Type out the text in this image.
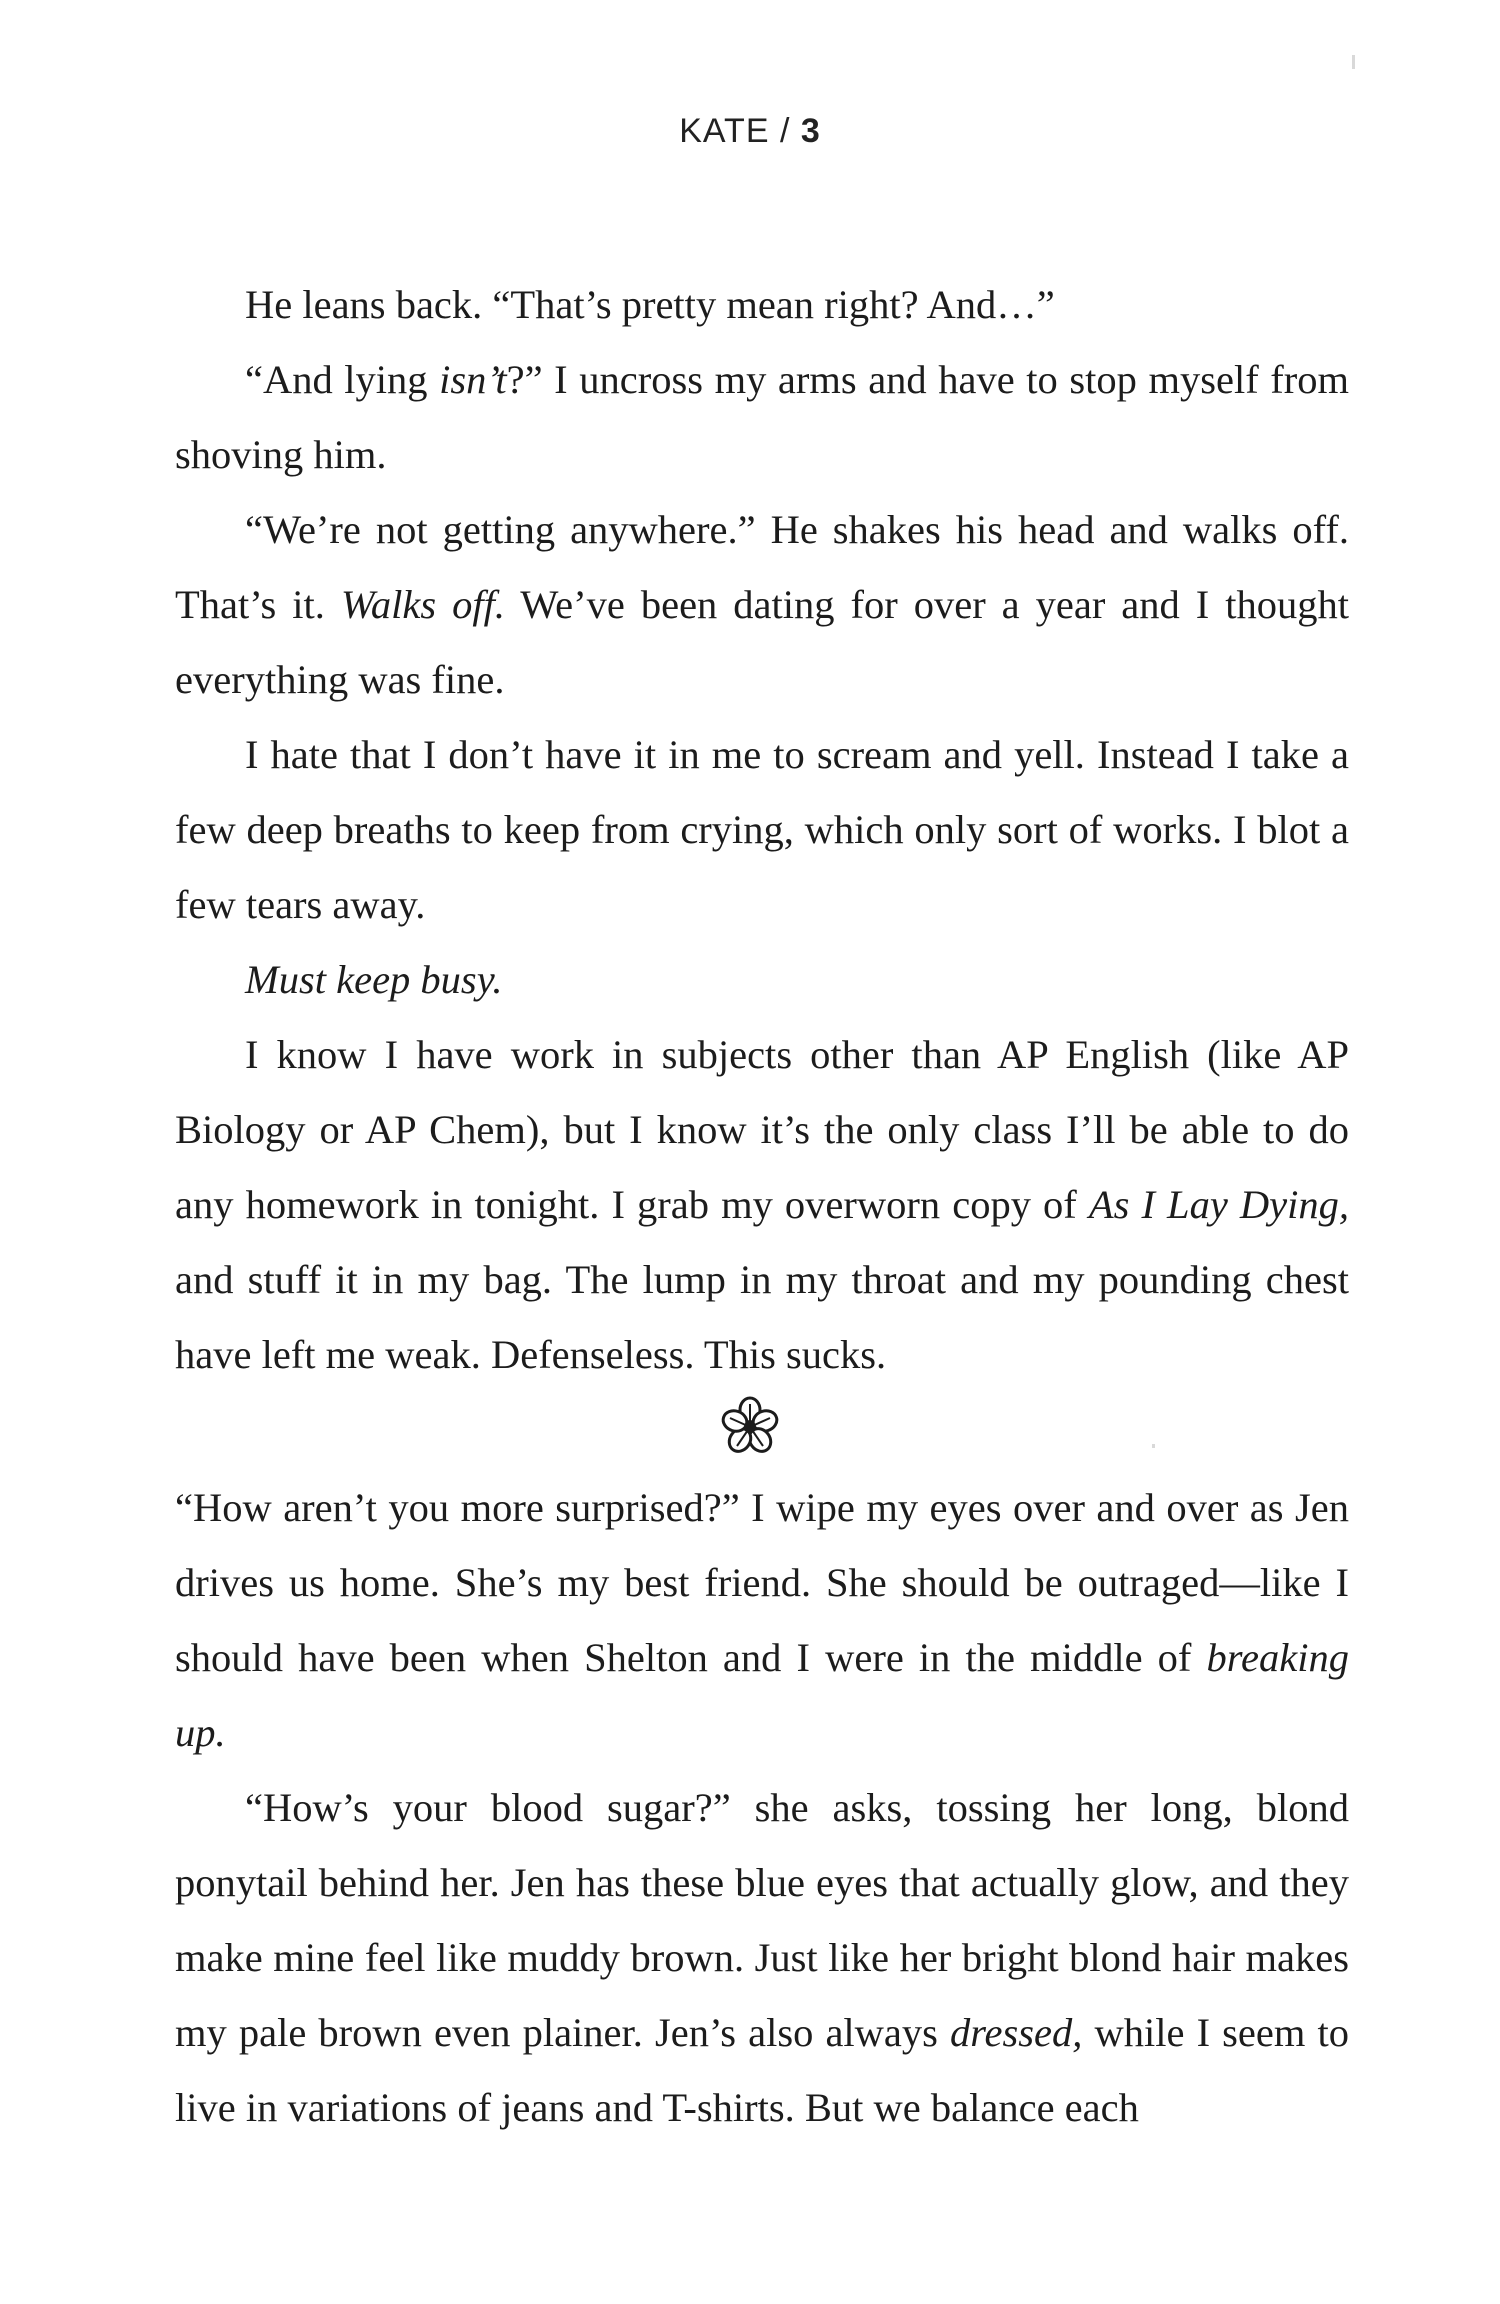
KATE / 3

He leans back. “That’s pretty mean right? And…”

“And lying isn’t?” I uncross my arms and have to stop myself from shoving him.

“We’re not getting anywhere.” He shakes his head and walks off. That’s it. Walks off. We’ve been dating for over a year and I thought everything was fine.

I hate that I don’t have it in me to scream and yell. Instead I take a few deep breaths to keep from crying, which only sort of works. I blot a few tears away.

Must keep busy.

I know I have work in subjects other than AP English (like AP Biology or AP Chem), but I know it’s the only class I’ll be able to do any homework in tonight. I grab my overworn copy of As I Lay Dying, and stuff it in my bag. The lump in my throat and my pounding chest have left me weak. Defenseless. This sucks.

“How aren’t you more surprised?” I wipe my eyes over and over as Jen drives us home. She’s my best friend. She should be outraged—like I should have been when Shelton and I were in the middle of breaking up.

“How’s your blood sugar?” she asks, tossing her long, blond ponytail behind her. Jen has these blue eyes that actually glow, and they make mine feel like muddy brown. Just like her bright blond hair makes my pale brown even plainer. Jen’s also always dressed, while I seem to live in variations of jeans and T-shirts. But we balance each
